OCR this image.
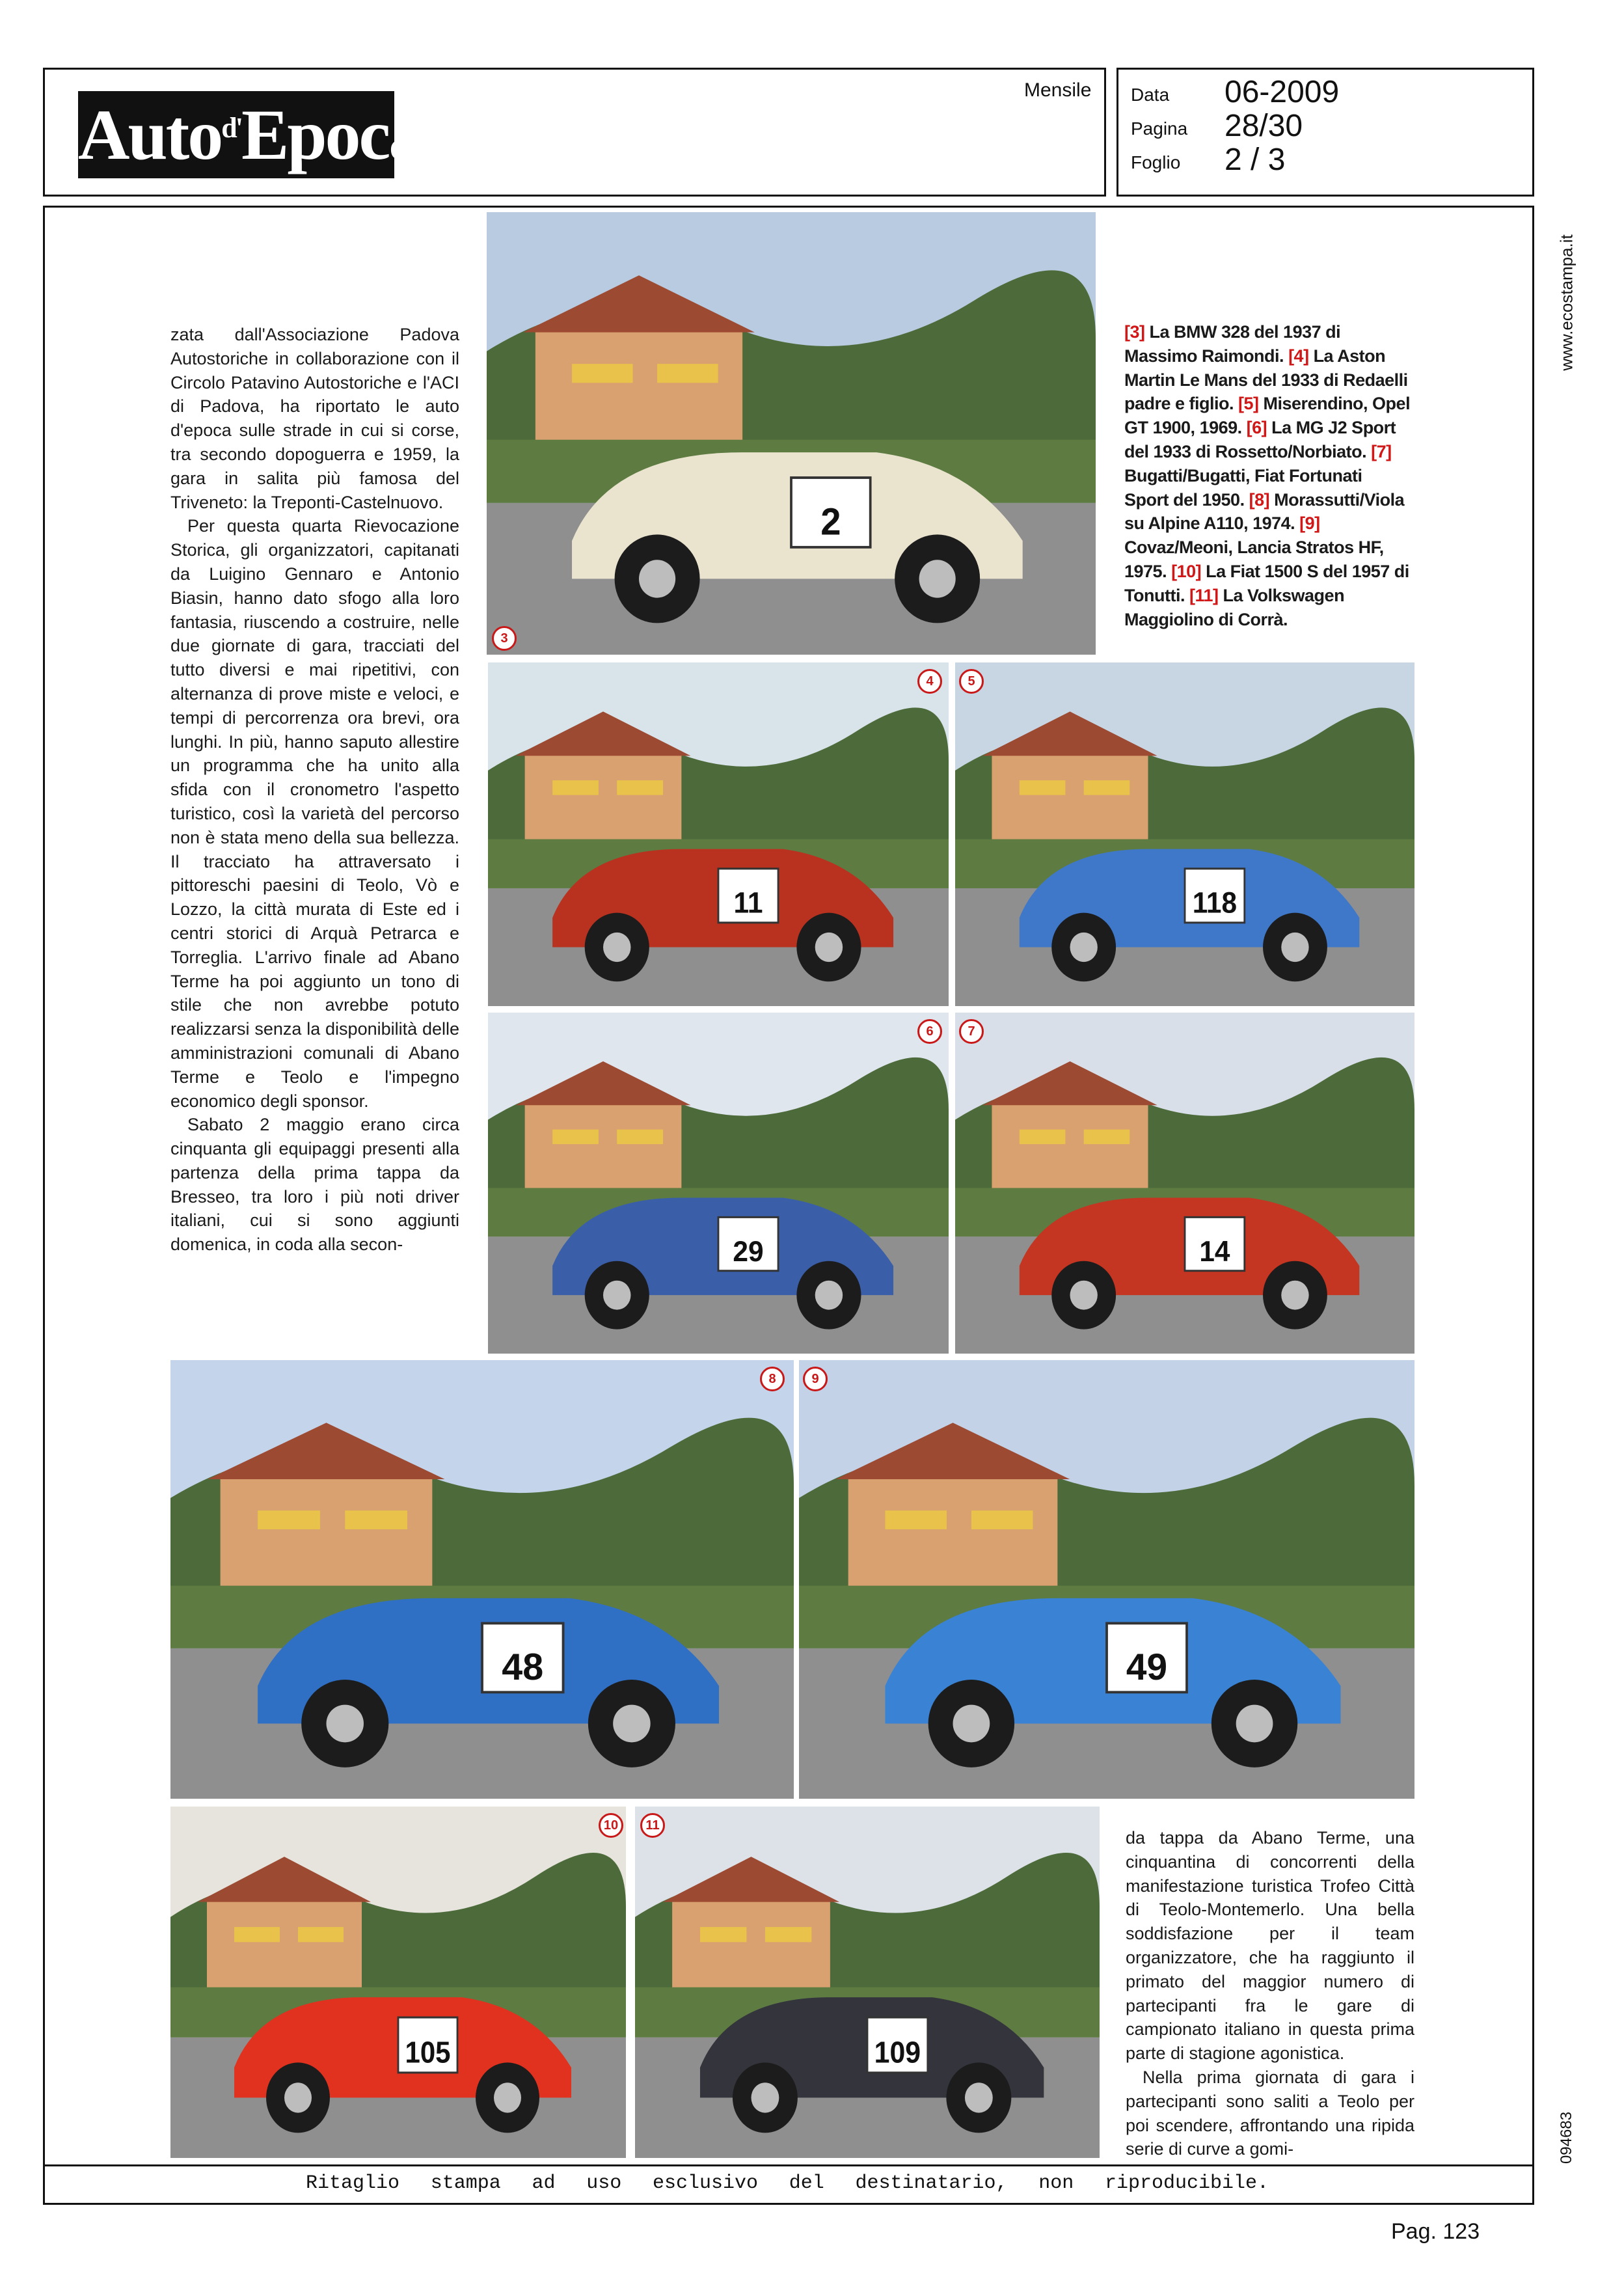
Auto$^{d'}$Epoca
Mensile Data 06-2009
Pagina 28/30
Foglio 2 / 3
www.ecostampa.it
094683

zata dall'Associazione Padova Autostoriche in collaborazione con il Circolo Patavino Autostoriche e l'ACI di Padova, ha riportato le auto d'epoca sulle strade in cui si corse, tra secondo dopoguerra e 1959, la gara in salita più famosa del Triveneto: la Treponti-Castelnuovo.

Per questa quarta Rievocazione Storica, gli organizzatori, capitanati da Luigino Gennaro e Antonio Biasin, hanno dato sfogo alla loro fantasia, riuscendo a costruire, nelle due giornate di gara, tracciati del tutto diversi e mai ripetitivi, con alternanza di prove miste e veloci, e tempi di percorrenza ora brevi, ora lunghi. In più, hanno saputo allestire un programma che ha unito alla sfida con il cronometro l'aspetto turistico, così la varietà del percorso non è stata meno della sua bellezza. Il tracciato ha attraversato i pittoreschi paesini di Teolo, Vò e Lozzo, la città murata di Este ed i centri storici di Arquà Petrarca e Torreglia. L'arrivo finale ad Abano Terme ha poi aggiunto un tono di stile che non avrebbe potuto realizzarsi senza la disponibilità delle amministrazioni comunali di Abano Terme e Teolo e l'impegno economico degli sponsor.

Sabato 2 maggio erano circa cinquanta gli equipaggi presenti alla partenza della prima tappa da Bresseo, tra loro i più noti driver italiani, cui si sono aggiunti domenica, in coda alla secon-

[3] La BMW 328 del 1937 di Massimo Raimondi. [4] La Aston Martin Le Mans del 1933 di Redaelli padre e figlio. [5] Miserendino, Opel GT 1900, 1969. [6] La MG J2 Sport del 1933 di Rossetto/Norbiato. [7] Bugatti/Bugatti, Fiat Fortunati Sport del 1950. [8] Morassutti/Viola su Alpine A110, 1974. [9] Covaz/Meoni, Lancia Stratos HF, 1975. [10] La Fiat 1500 S del 1957 di Tonutti. [11] La Volkswagen Maggiolino di Corrà.

da tappa da Abano Terme, una cinquantina di concorrenti della manifestazione turistica Trofeo Città di Teolo-Montemerlo. Una bella soddisfazione per il team organizzatore, che ha raggiunto il primato del maggior numero di partecipanti fra le gare di campionato italiano in questa prima parte di stagione agonistica.

Nella prima giornata di gara i partecipanti sono saliti a Teolo per poi scendere, affrontando una ripida serie di curve a gomi-

2
11	118
29	14
48	49
105	109
3
4	5
6	7
8	9
10	11
Ritaglio stampa ad uso esclusivo del destinatario, non riproducibile.
Pag. 123
